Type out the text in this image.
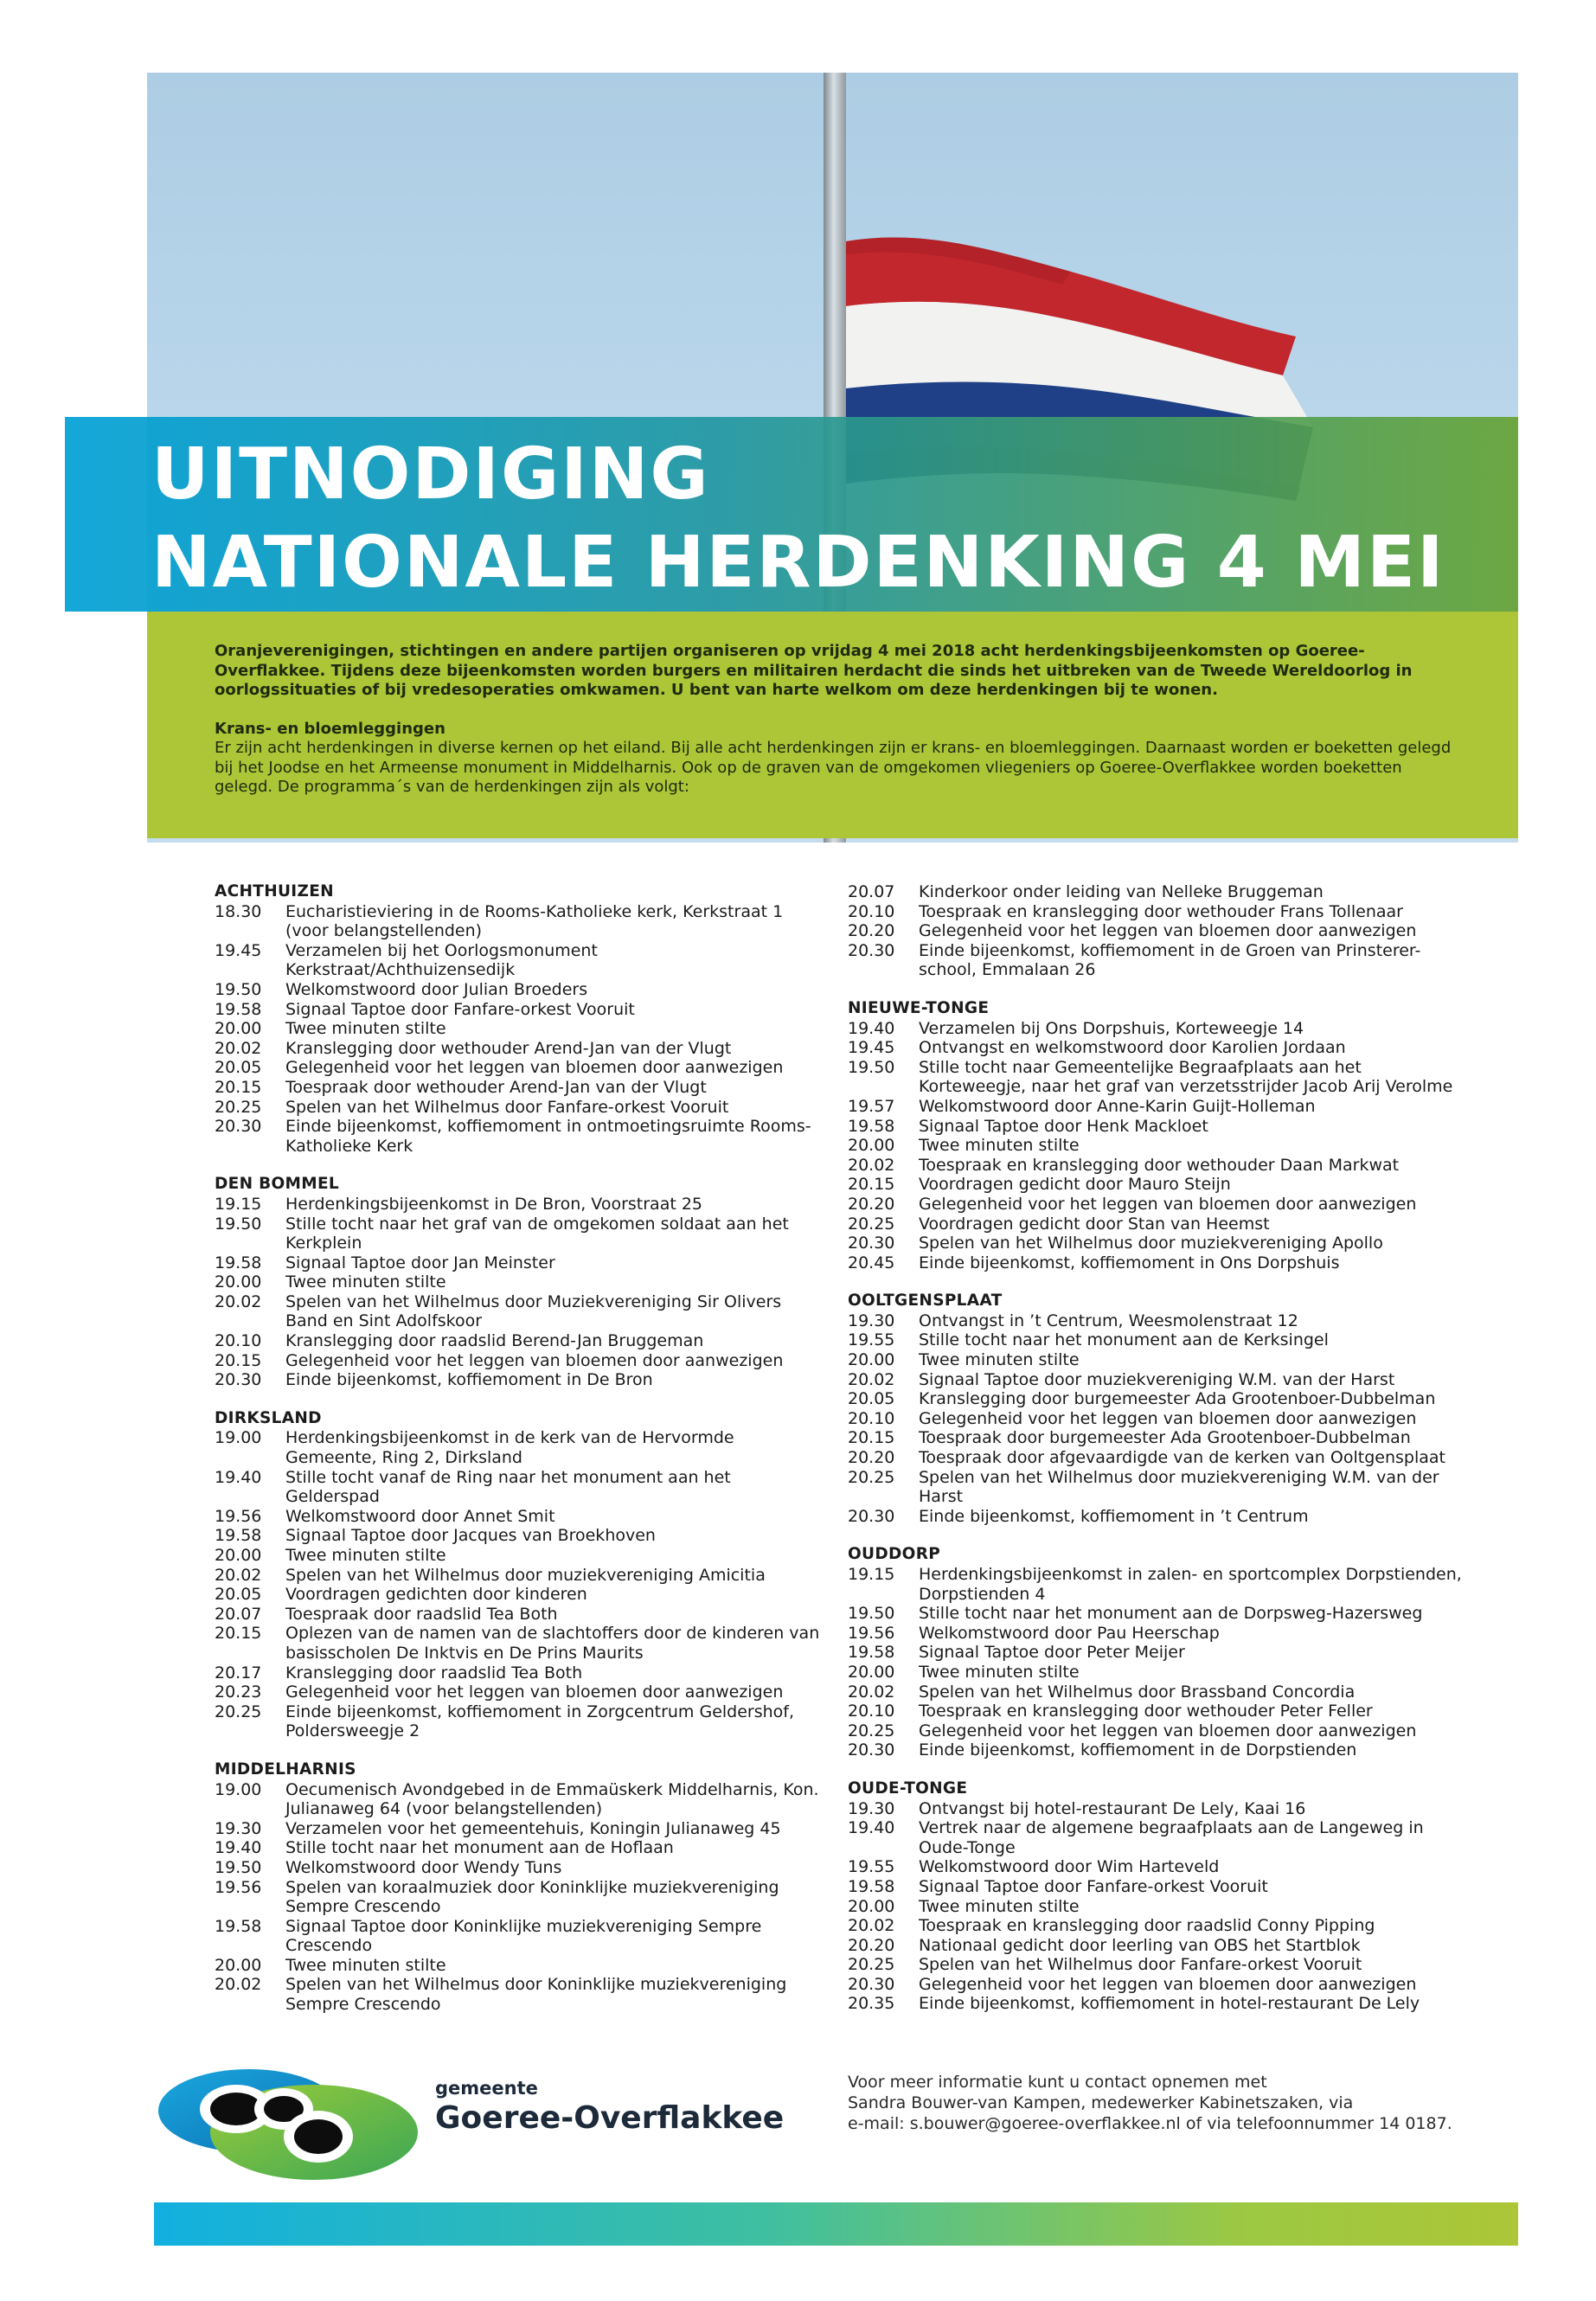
UITNODIGING
NATIONALE HERDENKING 4 MEI
Oranjeverenigingen, stichtingen en andere partijen organiseren op vrijdag 4 mei 2018 acht herdenkingsbijeenkomsten op Goeree-Overflakkee. Tijdens deze bijeenkomsten worden burgers en militairen herdacht die sinds het uitbreken van de Tweede Wereldoorlog in oorlogssituaties of bij vredesoperaties omkwamen. U bent van harte welkom om deze herdenkingen bij te wonen.
Krans- en bloemleggingen
Er zijn acht herdenkingen in diverse kernen op het eiland. Bij alle acht herdenkingen zijn er krans- en bloemleggingen. Daarnaast worden er boeketten gelegd bij het Joodse en het Armeense monument in Middelharnis. Ook op de graven van de omgekomen vliegeniers op Goeree-Overflakkee worden boeketten gelegd. De programma´s van de herdenkingen zijn als volgt:
ACHTHUIZEN
18.30	Eucharistieviering in de Rooms-Katholieke kerk, Kerkstraat 1 (voor belangstellenden)
19.45	Verzamelen bij het Oorlogsmonument Kerkstraat/Achthuizensedijk
19.50	Welkomstwoord door Julian Broeders
19.58	Signaal Taptoe door Fanfare-orkest Vooruit
20.00	Twee minuten stilte
20.02	Kranslegging door wethouder Arend-Jan van der Vlugt
20.05	Gelegenheid voor het leggen van bloemen door aanwezigen
20.15	Toespraak door wethouder Arend-Jan van der Vlugt
20.25	Spelen van het Wilhelmus door Fanfare-orkest Vooruit
20.30	Einde bijeenkomst, koffiemoment in ontmoetingsruimte Rooms-Katholieke Kerk
DEN BOMMEL
19.15	Herdenkingsbijeenkomst in De Bron, Voorstraat 25
19.50	Stille tocht naar het graf van de omgekomen soldaat aan het Kerkplein
19.58	Signaal Taptoe door Jan Meinster
20.00	Twee minuten stilte
20.02	Spelen van het Wilhelmus door Muziekvereniging Sir Olivers Band en Sint Adolfskoor
20.10	Kranslegging door raadslid Berend-Jan Bruggeman
20.15	Gelegenheid voor het leggen van bloemen door aanwezigen
20.30	Einde bijeenkomst, koffiemoment in De Bron
DIRKSLAND
19.00	Herdenkingsbijeenkomst in de kerk van de Hervormde Gemeente, Ring 2, Dirksland
19.40	Stille tocht vanaf de Ring naar het monument aan het Gelderspad
19.56	Welkomstwoord door Annet Smit
19.58	Signaal Taptoe door Jacques van Broekhoven
20.00	Twee minuten stilte
20.02	Spelen van het Wilhelmus door muziekvereniging Amicitia
20.05	Voordragen gedichten door kinderen
20.07	Toespraak door raadslid Tea Both
20.15	Oplezen van de namen van de slachtoffers door de kinderen van basisscholen De Inktvis en De Prins Maurits
20.17	Kranslegging door raadslid Tea Both
20.23	Gelegenheid voor het leggen van bloemen door aanwezigen
20.25	Einde bijeenkomst, koffiemoment in Zorgcentrum Geldershof, Poldersweegje 2
MIDDELHARNIS
19.00	Oecumenisch Avondgebed in de Emmaüskerk Middelharnis, Kon. Julianaweg 64 (voor belangstellenden)
19.30	Verzamelen voor het gemeentehuis, Koningin Julianaweg 45
19.40	Stille tocht naar het monument aan de Hoflaan
19.50	Welkomstwoord door Wendy Tuns
19.56	Spelen van koraalmuziek door Koninklijke muziekvereniging Sempre Crescendo
19.58	Signaal Taptoe door Koninklijke muziekvereniging Sempre Crescendo
20.00	Twee minuten stilte
20.02	Spelen van het Wilhelmus door Koninklijke muziekvereniging Sempre Crescendo
20.07	Kinderkoor onder leiding van Nelleke Bruggeman
20.10	Toespraak en kranslegging door wethouder Frans Tollenaar
20.20	Gelegenheid voor het leggen van bloemen door aanwezigen
20.30	Einde bijeenkomst, koffiemoment in de Groen van Prinsterer-school, Emmalaan 26
NIEUWE-TONGE
19.40	Verzamelen bij Ons Dorpshuis, Korteweegje 14
19.45	Ontvangst en welkomstwoord door Karolien Jordaan
19.50	Stille tocht naar Gemeentelijke Begraafplaats aan het Korteweegje, naar het graf van verzetsstrijder Jacob Arij Verolme
19.57	Welkomstwoord door Anne-Karin Guijt-Holleman
19.58	Signaal Taptoe door Henk Mackloet
20.00	Twee minuten stilte
20.02	Toespraak en kranslegging door wethouder Daan Markwat
20.15	Voordragen gedicht door Mauro Steijn
20.20	Gelegenheid voor het leggen van bloemen door aanwezigen
20.25	Voordragen gedicht door Stan van Heemst
20.30	Spelen van het Wilhelmus door muziekvereniging Apollo
20.45	Einde bijeenkomst, koffiemoment in Ons Dorpshuis
OOLTGENSPLAAT
19.30	Ontvangst in ’t Centrum, Weesmolenstraat 12
19.55	Stille tocht naar het monument aan de Kerksingel
20.00	Twee minuten stilte
20.02	Signaal Taptoe door muziekvereniging W.M. van der Harst
20.05	Kranslegging door burgemeester Ada Grootenboer-Dubbelman
20.10	Gelegenheid voor het leggen van bloemen door aanwezigen
20.15	Toespraak door burgemeester Ada Grootenboer-Dubbelman
20.20	Toespraak door afgevaardigde van de kerken van Ooltgensplaat
20.25	Spelen van het Wilhelmus door muziekvereniging W.M. van der Harst
20.30	Einde bijeenkomst, koffiemoment in ’t Centrum
OUDDORP
19.15	Herdenkingsbijeenkomst in zalen- en sportcomplex Dorpstienden, Dorpstienden 4
19.50	Stille tocht naar het monument aan de Dorpsweg-Hazersweg
19.56	Welkomstwoord door Pau Heerschap
19.58	Signaal Taptoe door Peter Meijer
20.00	Twee minuten stilte
20.02	Spelen van het Wilhelmus door Brassband Concordia
20.10	Toespraak en kranslegging door wethouder Peter Feller
20.25	Gelegenheid voor het leggen van bloemen door aanwezigen
20.30	Einde bijeenkomst, koffiemoment in de Dorpstienden
OUDE-TONGE
19.30	Ontvangst bij hotel-restaurant De Lely, Kaai 16
19.40	Vertrek naar de algemene begraafplaats aan de Langeweg in Oude-Tonge
19.55	Welkomstwoord door Wim Harteveld
19.58	Signaal Taptoe door Fanfare-orkest Vooruit
20.00	Twee minuten stilte
20.02	Toespraak en kranslegging door raadslid Conny Pipping
20.20	Nationaal gedicht door leerling van OBS het Startblok
20.25	Spelen van het Wilhelmus door Fanfare-orkest Vooruit
20.30	Gelegenheid voor het leggen van bloemen door aanwezigen
20.35	Einde bijeenkomst, koffiemoment in hotel-restaurant De Lely
gemeente
Goeree-Overflakkee
Voor meer informatie kunt u contact opnemen met
Sandra Bouwer-van Kampen, medewerker Kabinetszaken, via
e-mail: s.bouwer@goeree-overflakkee.nl of via telefoonnummer 14 0187.
